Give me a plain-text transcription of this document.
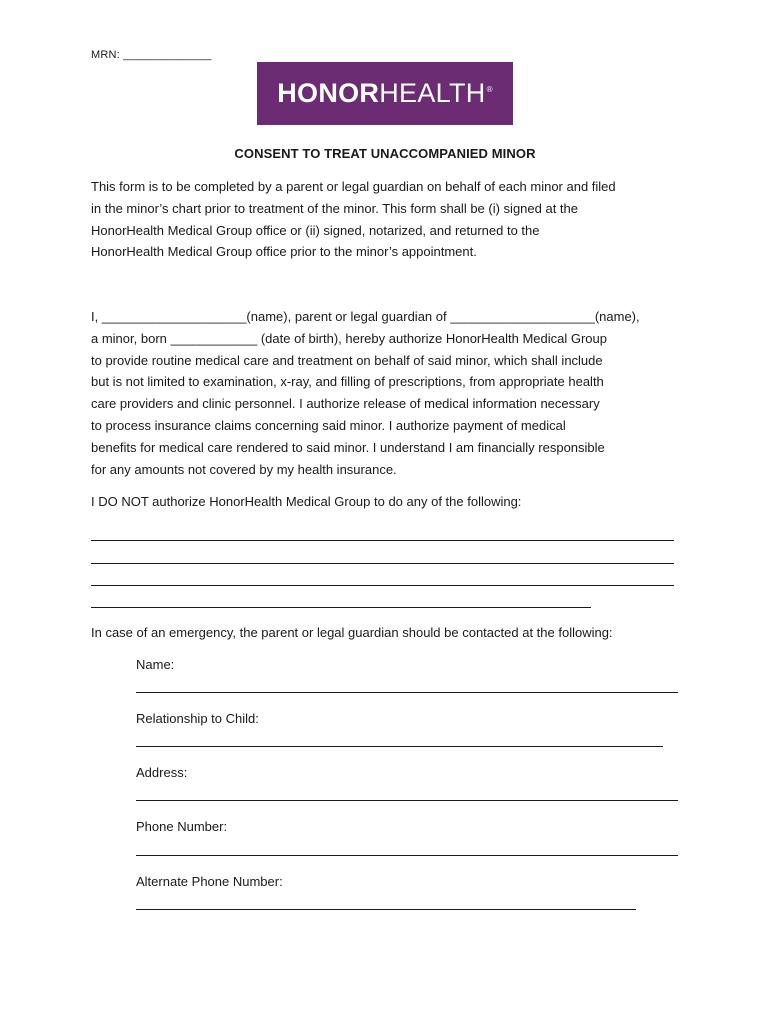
MRN: ______________

HONOR HEALTH®

CONSENT TO TREAT UNACCOMPANIED MINOR

This form is to be completed by a parent or legal guardian on behalf of each minor and filed
in the minor’s chart prior to treatment of the minor. This form shall be (i) signed at the
HonorHealth Medical Group office or (ii) signed, notarized, and returned to the
HonorHealth Medical Group office prior to the minor’s appointment.
I, ____________________(name), parent or legal guardian of ____________________(name),
a minor, born ____________ (date of birth), hereby authorize HonorHealth Medical Group
to provide routine medical care and treatment on behalf of said minor, which shall include
but is not limited to examination, x-ray, and filling of prescriptions, from appropriate health
care providers and clinic personnel. I authorize release of medical information necessary
to process insurance claims concerning said minor. I authorize payment of medical
benefits for medical care rendered to said minor. I understand I am financially responsible
for any amounts not covered by my health insurance.

I DO NOT authorize HonorHealth Medical Group to do any of the following:

In case of an emergency, the parent or legal guardian should be contacted at the following:

Name:

Relationship to Child:

Address:

Phone Number:

Alternate Phone Number:
